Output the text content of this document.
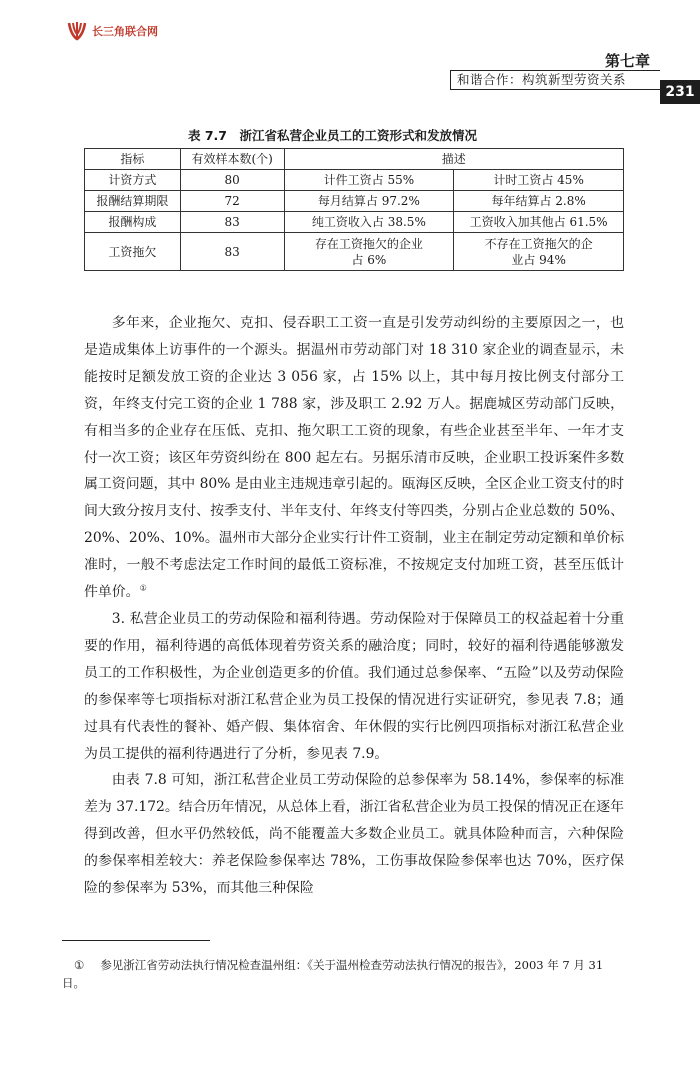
长三角联合网
第七章
和谐合作：构筑新型劳资关系
231
表 7.7　浙江省私营企业员工的工资形式和发放情况
指标	有效样本数(个)	描述	
计资方式	80	计件工资占 55%	计时工资占 45%
报酬结算期限	72	每月结算占 97.2%	每年结算占 2.8%
报酬构成	83	纯工资收入占 38.5%	工资收入加其他占 61.5%
工资拖欠	83	存在工资拖欠的企业占 6%	不存在工资拖欠的企业占 94%

多年来，企业拖欠、克扣、侵吞职工工资一直是引发劳动纠纷的主要原因之一，也是造成集体上访事件的一个源头。据温州市劳动部门对 18 310 家企业的调查显示，未能按时足额发放工资的企业达 3 056 家，占 15% 以上，其中每月按比例支付部分工资，年终支付完工资的企业 1 788 家，涉及职工 2.92 万人。据鹿城区劳动部门反映，有相当多的企业存在压低、克扣、拖欠职工工资的现象，有些企业甚至半年、一年才支付一次工资；该区年劳资纠纷在 800 起左右。另据乐清市反映，企业职工投诉案件多数属工资问题，其中 80% 是由业主违规违章引起的。瓯海区反映，全区企业工资支付的时间大致分按月支付、按季支付、半年支付、年终支付等四类，分别占企业总数的 50%、20%、20%、10%。温州市大部分企业实行计件工资制，业主在制定劳动定额和单价标准时，一般不考虑法定工作时间的最低工资标准，不按规定支付加班工资，甚至压低计件单价。①

3. 私营企业员工的劳动保险和福利待遇。劳动保险对于保障员工的权益起着十分重要的作用，福利待遇的高低体现着劳资关系的融洽度；同时，较好的福利待遇能够激发员工的工作积极性，为企业创造更多的价值。我们通过总参保率、“五险”以及劳动保险的参保率等七项指标对浙江私营企业为员工投保的情况进行实证研究，参见表 7.8；通过具有代表性的餐补、婚产假、集体宿舍、年休假的实行比例四项指标对浙江私营企业为员工提供的福利待遇进行了分析，参见表 7.9。

由表 7.8 可知，浙江私营企业员工劳动保险的总参保率为 58.14%，参保率的标准差为 37.172。结合历年情况，从总体上看，浙江省私营企业为员工投保的情况正在逐年得到改善，但水平仍然较低，尚不能覆盖大多数企业员工。就具体险种而言，六种保险的参保率相差较大：养老保险参保率达 78%，工伤事故保险参保率也达 70%，医疗保险的参保率为 53%，而其他三种保险

① 参见浙江省劳动法执行情况检查温州组：《关于温州检查劳动法执行情况的报告》，2003 年 7 月 31 日。
